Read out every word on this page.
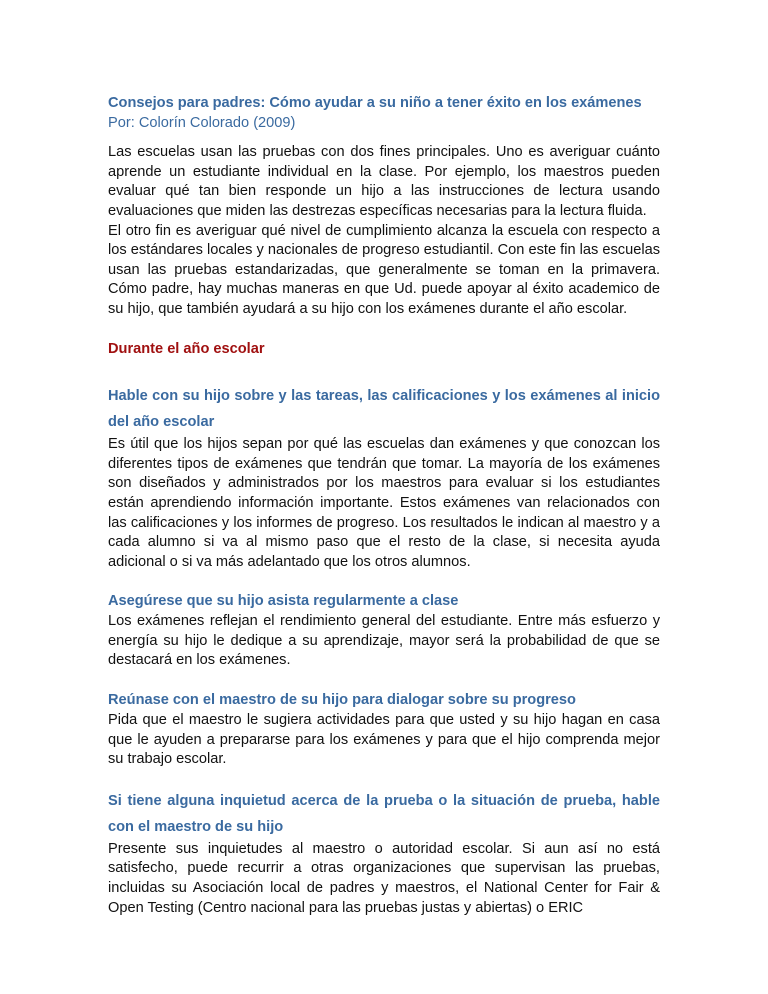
Consejos para padres: Cómo ayudar a su niño a tener éxito en los exámenes

Por: Colorín Colorado (2009)

Las escuelas usan las pruebas con dos fines principales. Uno es averiguar cuánto aprende un estudiante individual en la clase. Por ejemplo, los maestros pueden evaluar qué tan bien responde un hijo a las instrucciones de lectura usando evaluaciones que miden las destrezas específicas necesarias para la lectura fluida.

El otro fin es averiguar qué nivel de cumplimiento alcanza la escuela con respecto a los estándares locales y nacionales de progreso estudiantil. Con este fin las escuelas usan las pruebas estandarizadas, que generalmente se toman en la primavera. Cómo padre, hay muchas maneras en que Ud. puede apoyar al éxito academico de su hijo, que también ayudará a su hijo con los exámenes durante el año escolar.

Durante el año escolar

Hable con su hijo sobre y las tareas, las calificaciones y los exámenes al inicio del año escolar

Es útil que los hijos sepan por qué las escuelas dan exámenes y que conozcan los diferentes tipos de exámenes que tendrán que tomar. La mayoría de los exámenes son diseñados y administrados por los maestros para evaluar si los estudiantes están aprendiendo información importante. Estos exámenes van relacionados con las calificaciones y los informes de progreso. Los resultados le indican al maestro y a cada alumno si va al mismo paso que el resto de la clase, si necesita ayuda adicional o si va más adelantado que los otros alumnos.

Asegúrese que su hijo asista regularmente a clase

Los exámenes reflejan el rendimiento general del estudiante. Entre más esfuerzo y energía su hijo le dedique a su aprendizaje, mayor será la probabilidad de que se destacará en los exámenes.

Reúnase con el maestro de su hijo para dialogar sobre su progreso

Pida que el maestro le sugiera actividades para que usted y su hijo hagan en casa que le ayuden a prepararse para los exámenes y para que el hijo comprenda mejor su trabajo escolar.

Si tiene alguna inquietud acerca de la prueba o la situación de prueba, hable con el maestro de su hijo

Presente sus inquietudes al maestro o autoridad escolar. Si aun así no está satisfecho, puede recurrir a otras organizaciones que supervisan las pruebas, incluidas su Asociación local de padres y maestros, el National Center for Fair & Open Testing (Centro nacional para las pruebas justas y abiertas) o ERIC
